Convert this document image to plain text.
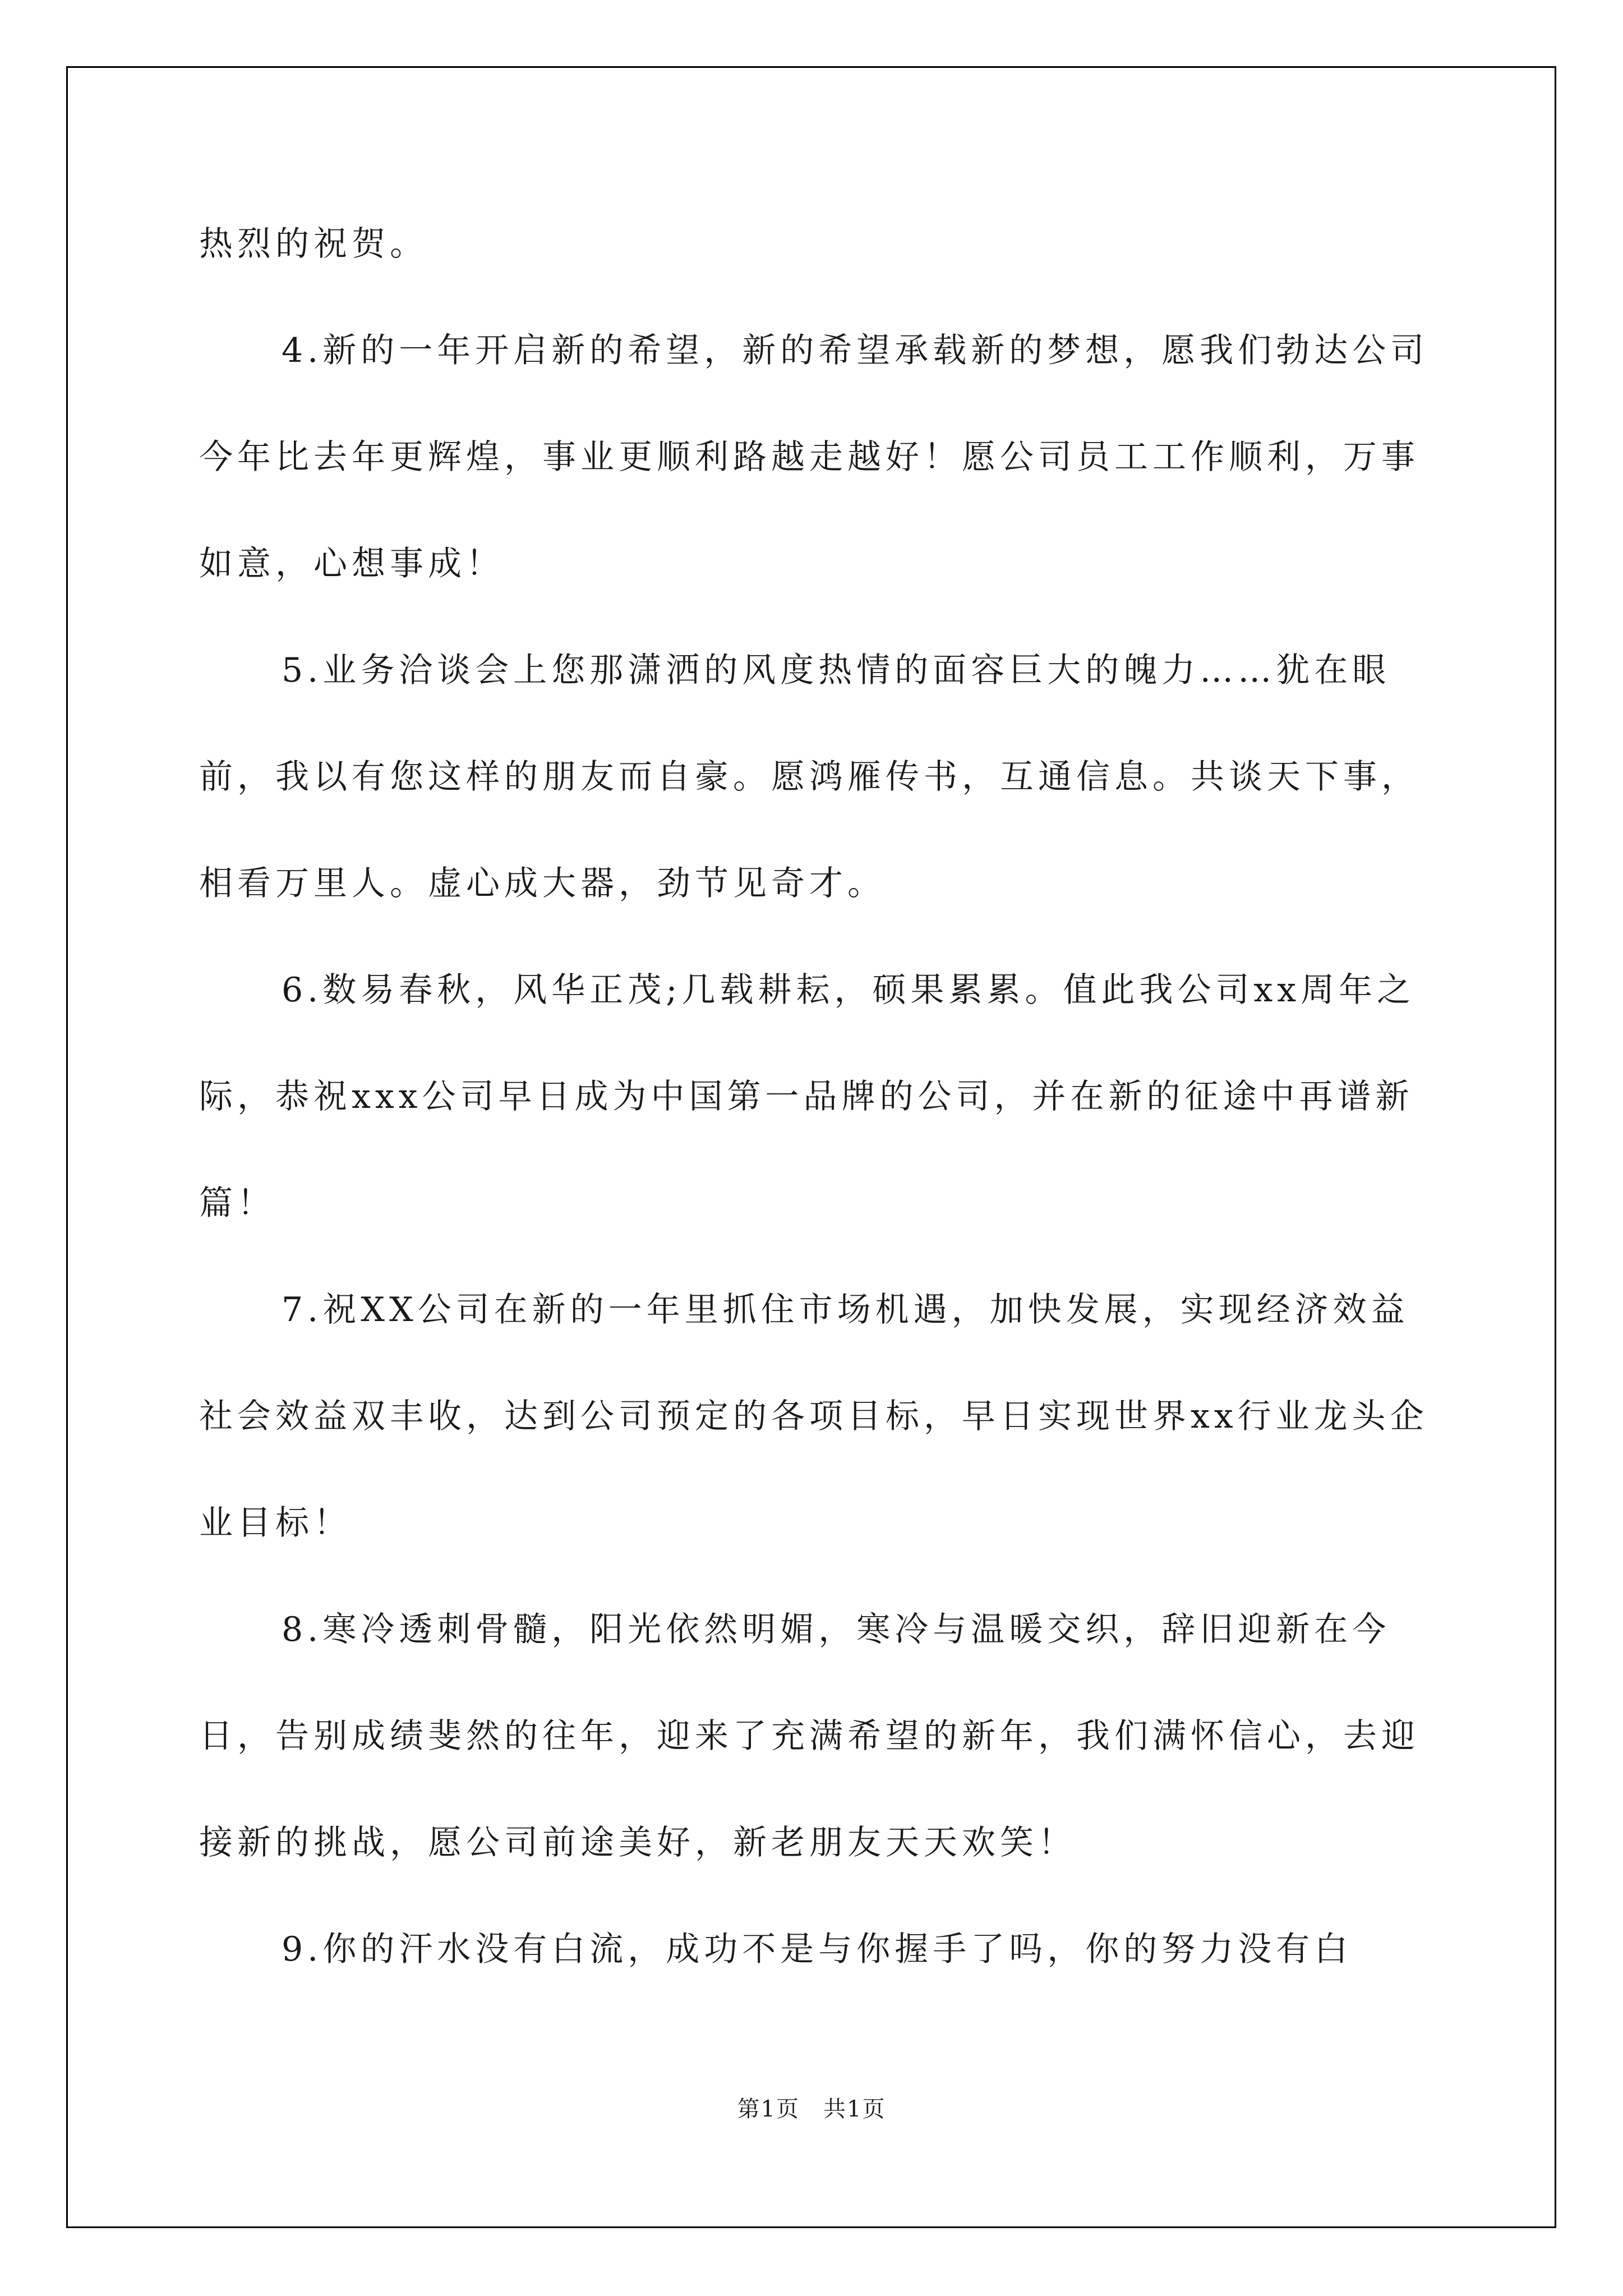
热烈的祝贺。

4.新的一年开启新的希望，新的希望承载新的梦想，愿我们勃达公司今年比去年更辉煌，事业更顺利路越走越好！愿公司员工工作顺利，万事如意，心想事成！

5.业务洽谈会上您那潇洒的风度热情的面容巨大的魄力……犹在眼前，我以有您这样的朋友而自豪。愿鸿雁传书，互通信息。共谈天下事，相看万里人。虚心成大器，劲节见奇才。

6.数易春秋，风华正茂;几载耕耘，硕果累累。值此我公司xx周年之际，恭祝xxx公司早日成为中国第一品牌的公司，并在新的征途中再谱新篇！

7.祝XX公司在新的一年里抓住市场机遇，加快发展，实现经济效益社会效益双丰收，达到公司预定的各项目标，早日实现世界xx行业龙头企业目标！

8.寒冷透刺骨髓，阳光依然明媚，寒冷与温暖交织，辞旧迎新在今日，告别成绩斐然的往年，迎来了充满希望的新年，我们满怀信心，去迎接新的挑战，愿公司前途美好，新老朋友天天欢笑！

9.你的汗水没有白流，成功不是与你握手了吗，你的努力没有白

第1页　共1页
